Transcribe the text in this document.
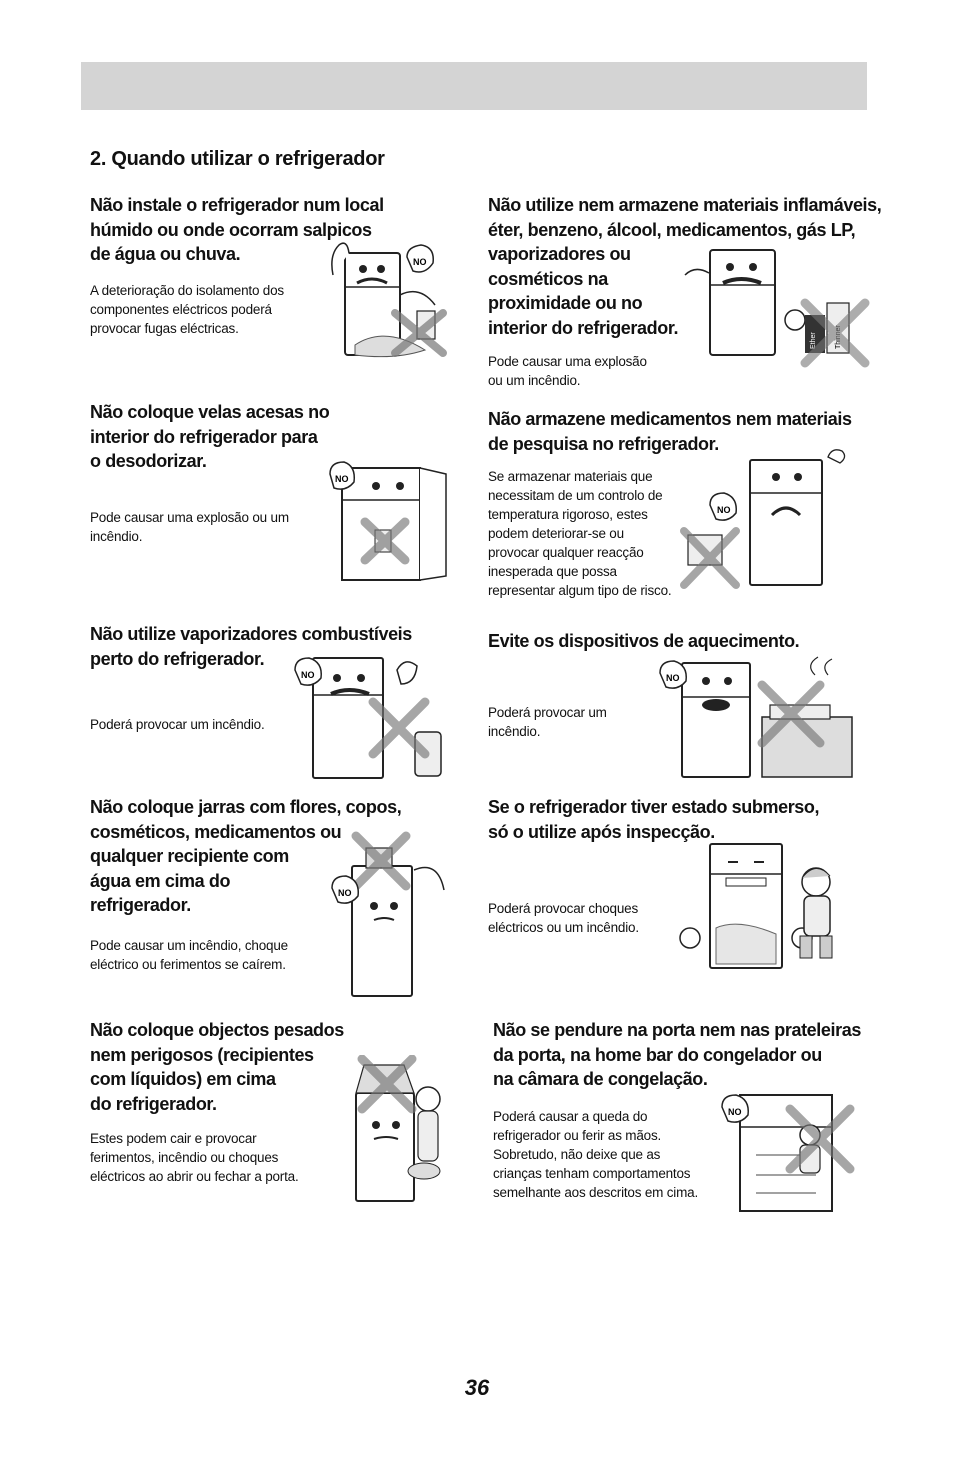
2. Quando utilizar o refrigerador
Não instale o refrigerador num local
húmido ou onde ocorram salpicos
de água ou chuva.

A deterioração do isolamento dos
componentes eléctricos poderá
provocar fugas eléctricas.

Não utilize nem armazene materiais inflamáveis,
éter, benzeno, álcool, medicamentos, gás LP,
vaporizadores ou
cosméticos na
proximidade ou no
interior do refrigerador.

Pode causar uma explosão
ou um incêndio.

Não coloque velas acesas no
interior do refrigerador para
o desodorizar.

Pode causar uma explosão ou um
incêndio.

Não armazene medicamentos nem materiais
de pesquisa no refrigerador.

Se armazenar materiais que
necessitam de um controlo de
temperatura rigoroso, estes
podem deteriorar-se ou
provocar qualquer reacção
inesperada que possa
representar algum tipo de risco.

Não utilize vaporizadores combustíveis
perto do refrigerador.

Poderá provocar um incêndio.

Evite os dispositivos de aquecimento.

Poderá provocar um
incêndio.

Não coloque jarras com flores, copos,
cosméticos, medicamentos ou
qualquer recipiente com
água em cima do
refrigerador.

Pode causar um incêndio, choque
eléctrico ou ferimentos se caírem.

Se o refrigerador tiver estado submerso,
só o utilize após inspecção.

Poderá provocar choques
eléctricos ou um incêndio.

Não coloque objectos pesados
nem perigosos (recipientes
com líquidos) em cima
do refrigerador.

Estes podem cair e provocar
ferimentos, incêndio ou choques
eléctricos ao abrir ou fechar a porta.

Não se pendure na porta nem nas prateleiras
da porta, na home bar do congelador ou
na câmara de congelação.

Poderá causar a queda do
refrigerador ou ferir as mãos.
Sobretudo, não deixe que as
crianças tenham comportamentos
semelhante aos descritos em cima.

NO
Ether
NO
NO
NO	NO
NO
NO
36
